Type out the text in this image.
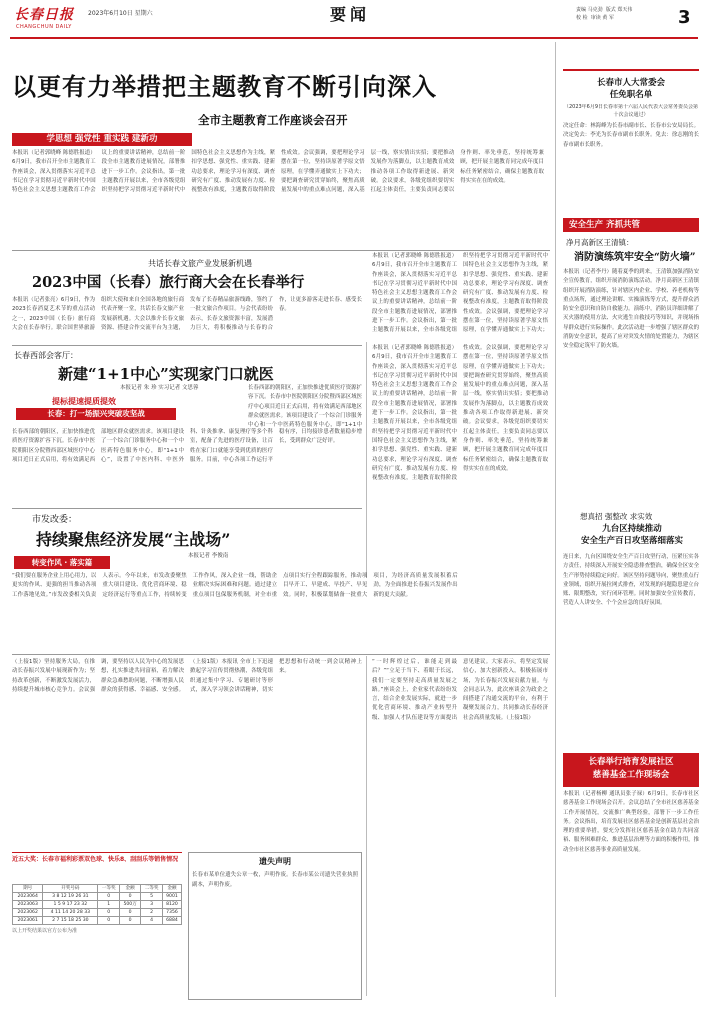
长春日报
CHANGCHUN DAILY
2023年6月10日 星期六	要闻	责编 马克劲  版式 郑天伟
校 检  审读 黄 军	3
以更有力举措把主题教育不断引向深入
全市主题教育工作座谈会召开
学思想 强党性 重实践 建新功
本报讯（记者郭晓峰 陈德胜报道）6月9日，我市召开全市主题教育工作座谈会，深入贯彻落实习近平总书记在学习贯彻习近平新时代中国特色社会主义思想主题教育工作会议上的重要讲话精神，总结前一阶段全市主题教育进展情况，部署推进下一步工作。会议指出，第一批主题教育开展以来，全市各级党组织坚持把学习贯彻习近平新时代中国特色社会主义思想作为主线，紧扣学思想、强党性、重实践、建新功总要求，理论学习有深度、调查研究有广度、推动发展有力度、检视整改有准度，主题教育取得阶段性成效。会议强调，要把理论学习摆在第一位，坚持读原著学原文悟原理，在学懂弄通做实上下功夫；要把调查研究贯穿始终，聚焦高质量发展中的重点难点问题，深入基层一线，察实情出实招；要把推动发展作为落脚点，以主题教育成效推动各项工作取得新进展、新突破。会议要求，各级党组织要切实扛起主体责任，主要负责同志要以身作则、率先垂范，坚持统筹兼顾，把开展主题教育同完成年度目标任务紧密结合，确保主题教育取得实实在在的成效。
长春市人大常委会
任免职名单
（2023年6月9日长春市第十六届人民代表大会常务委员会第十次会议通过）
决定任命：林海峰为长春市副市长、长春市公安局局长。决定免去：李光为长春市副市长职务。免去：徐志刚的长春市副市长职务。
安全生产 齐抓共管
净月高新区王清镇：
消防演练筑牢安全“防火墙”
本报讯（记者李丹）随着夏季的到来，王清镇加强消防安全宣传教育，组织开展消防演练活动。净月高新区王清镇组织开展消防演练，针对辖区内企业、学校、养老机构等重点场所，通过理论讲解、实操演练等方式，提升群众消防安全意识和自防自救能力。演练中，消防员详细讲解了灭火器的使用方法、火灾逃生自救技巧等知识，并现场指导群众进行实际操作。此次活动进一步增强了辖区群众的消防安全意识，提高了应对突发火情的处置能力，为辖区安全稳定筑牢了防火墙。
想真招 强整改 求实效
九台区持续推动
安全生产百日攻坚落细落实
连日来，九台区围绕安全生产百日攻坚行动，压紧压实各方责任，持续深入开展安全隐患排查整治，确保全区安全生产形势持续稳定向好。该区坚持问题导向，聚焦重点行业领域，组织开展拉网式排查，对发现的问题隐患建立台账、限期整改，实行闭环管理。同时加强安全宣传教育，营造人人讲安全、个个会应急的良好氛围。
长春举行培育发展社区
慈善基金工作现场会
本报讯（记者杨柳 通讯员张子禄）6月9日，长春市社区慈善基金工作现场会召开。会议总结了全市社区慈善基金工作开展情况，交流推广典型经验，部署下一步工作任务。会议指出，培育发展社区慈善基金是创新基层社会治理的重要举措，要充分发挥社区慈善基金在助力共同富裕、服务困难群众、推进基层治理等方面的积极作用，推动全市社区慈善事业高质量发展。
共话长春文旅产业发展新机遇
2023中国（长春）旅行商大会在长春举行
本报讯（记者张亮）6月9日，作为2023长春消夏艺术节的重点活动之一，2023中国（长春）旅行商大会在长春举行。联合国世界旅游组织大使和来自全国各地的旅行商代表齐聚一堂，共话长春文旅产业发展新机遇。大会以推介长春文旅资源、搭建合作交流平台为主题，发布了长春精品旅游线路，签约了一批文旅合作项目。与会代表纷纷表示，长春文旅资源丰富，发展潜力巨大，将积极推动与长春的合作，让更多游客走进长春、感受长春。
本报讯（记者郭晓峰 陈德胜报道）6月9日，我市召开全市主题教育工作座谈会，深入贯彻落实习近平总书记在学习贯彻习近平新时代中国特色社会主义思想主题教育工作会议上的重要讲话精神，总结前一阶段全市主题教育进展情况，部署推进下一步工作。会议指出，第一批主题教育开展以来，全市各级党组织坚持把学习贯彻习近平新时代中国特色社会主义思想作为主线，紧扣学思想、强党性、重实践、建新功总要求，理论学习有深度、调查研究有广度、推动发展有力度、检视整改有准度，主题教育取得阶段性成效。会议强调，要把理论学习摆在第一位，坚持读原著学原文悟原理，在学懂弄通做实上下功夫；
长春西部会客厅：
新建“1+1中心”实现家门口就医
本报记者 朱 珍 实习记者 文思蓉
提标提速提质提效
长春：打一场振兴突破攻坚战
长春西部的朝阳区，正加快推进优质医疗资源扩容下沉。长春市中医院朝阳区分院暨西部区域医疗中心项目近日正式启用，将有效满足西部地区群众就医需求。该项目建设了一个综合门诊服务中心和一个中医药特色服务中心，即“1+1中心”，设置了中医内科、中医外科、针灸推拿、康复理疗等多个科室，配备了先进的医疗设备，让百姓在家门口就能享受到优质的医疗服务。目前，中心各项工作运行平稳有序，日均接诊患者数量稳步增长，受到群众广泛好评。
长春西部的朝阳区，正加快推进优质医疗资源扩容下沉。长春市中医院朝阳区分院暨西部区域医疗中心项目近日正式启用，将有效满足西部地区群众就医需求。该项目建设了一个综合门诊服务中心和一个中医药特色服务中心，即“1+1中
本报讯（记者郭晓峰 陈德胜报道）6月9日，我市召开全市主题教育工作座谈会，深入贯彻落实习近平总书记在学习贯彻习近平新时代中国特色社会主义思想主题教育工作会议上的重要讲话精神，总结前一阶段全市主题教育进展情况，部署推进下一步工作。会议指出，第一批主题教育开展以来，全市各级党组织坚持把学习贯彻习近平新时代中国特色社会主义思想作为主线，紧扣学思想、强党性、重实践、建新功总要求，理论学习有深度、调查研究有广度、推动发展有力度、检视整改有准度，主题教育取得阶段性成效。会议强调，要把理论学习摆在第一位，坚持读原著学原文悟原理，在学懂弄通做实上下功夫；要把调查研究贯穿始终，聚焦高质量发展中的重点难点问题，深入基层一线，察实情出实招；要把推动发展作为落脚点，以主题教育成效推动各项工作取得新进展、新突破。会议要求，各级党组织要切实扛起主体责任，主要负责同志要以身作则、率先垂范，坚持统筹兼顾，把开展主题教育同完成年度目标任务紧密结合，确保主题教育取得实实在在的成效。
市发改委：
持续聚焦经济发展“主战场”
本报记者 李俊南
转变作风 · 落实篇
“我们要在服务企业上用心用力，以更实的作风、更强的担当推动各项工作落地见效。”市发改委相关负责人表示。今年以来，市发改委聚焦重大项目建设、优化营商环境、稳定经济运行等重点工作，持续转变工作作风，深入企业一线，帮助企业解决实际困难和问题。通过建立重点项目包保服务机制，对全市重点项目实行全程跟踪服务，推动项目早开工、早建成、早投产、早见效。同时，积极谋划储备一批重大项目，为经济高质量发展积蓄后劲，为全面推进长春振兴发展作出新的更大贡献。
（上接1版）坚持服务大局，在推动长春振兴发展中展现新作为；坚持改革创新，不断激发发展活力，持续提升城市核心竞争力。会议强调，要坚持以人民为中心的发展思想，扎实推进共同富裕，着力解决群众急难愁盼问题，不断增强人民群众的获得感、幸福感、安全感。（上接1版）本报讯 全市上下迅速掀起学习宣传贯彻热潮，各级党组织通过集中学习、专题研讨等形式，深入学习领会讲话精神，切实把思想和行动统一到会议精神上来。
“一时辉煌过后，谁能走到最后？”“立足于当下、着眼于长远，我们一定要坚持走高质量发展之路。”座谈会上，企业家代表纷纷发言，结合企业发展实际，就进一步优化营商环境、推动产业转型升级、加强人才队伍建设等方面提出意见建议。大家表示，将坚定发展信心，加大创新投入，积极拓展市场，为长春振兴发展贡献力量。与会同志认为，此次座谈会为政企之间搭建了沟通交流的平台，有利于凝聚发展合力，共同推动长春经济社会高质量发展。（上接1版）
近五大奖：长春市福利彩票双色球、快乐8、刮刮乐等销售情况
期号	开奖号码	一等奖	金额	二等奖	金额
2023064	3 8 12 19 26 31	0	0	5	9001
2023063	1 5 9 17 23 32	1	500万	3	8120
2023062	4 11 14 20 28 33	0	0	2	7356
2023061	2 7 15 18 25 30	0	0	4	6884
以上开奖结果以官方公布为准
遗失声明
长春市某单位遗失公章一枚，声明作废。长春市某公司遗失营业执照副本，声明作废。
